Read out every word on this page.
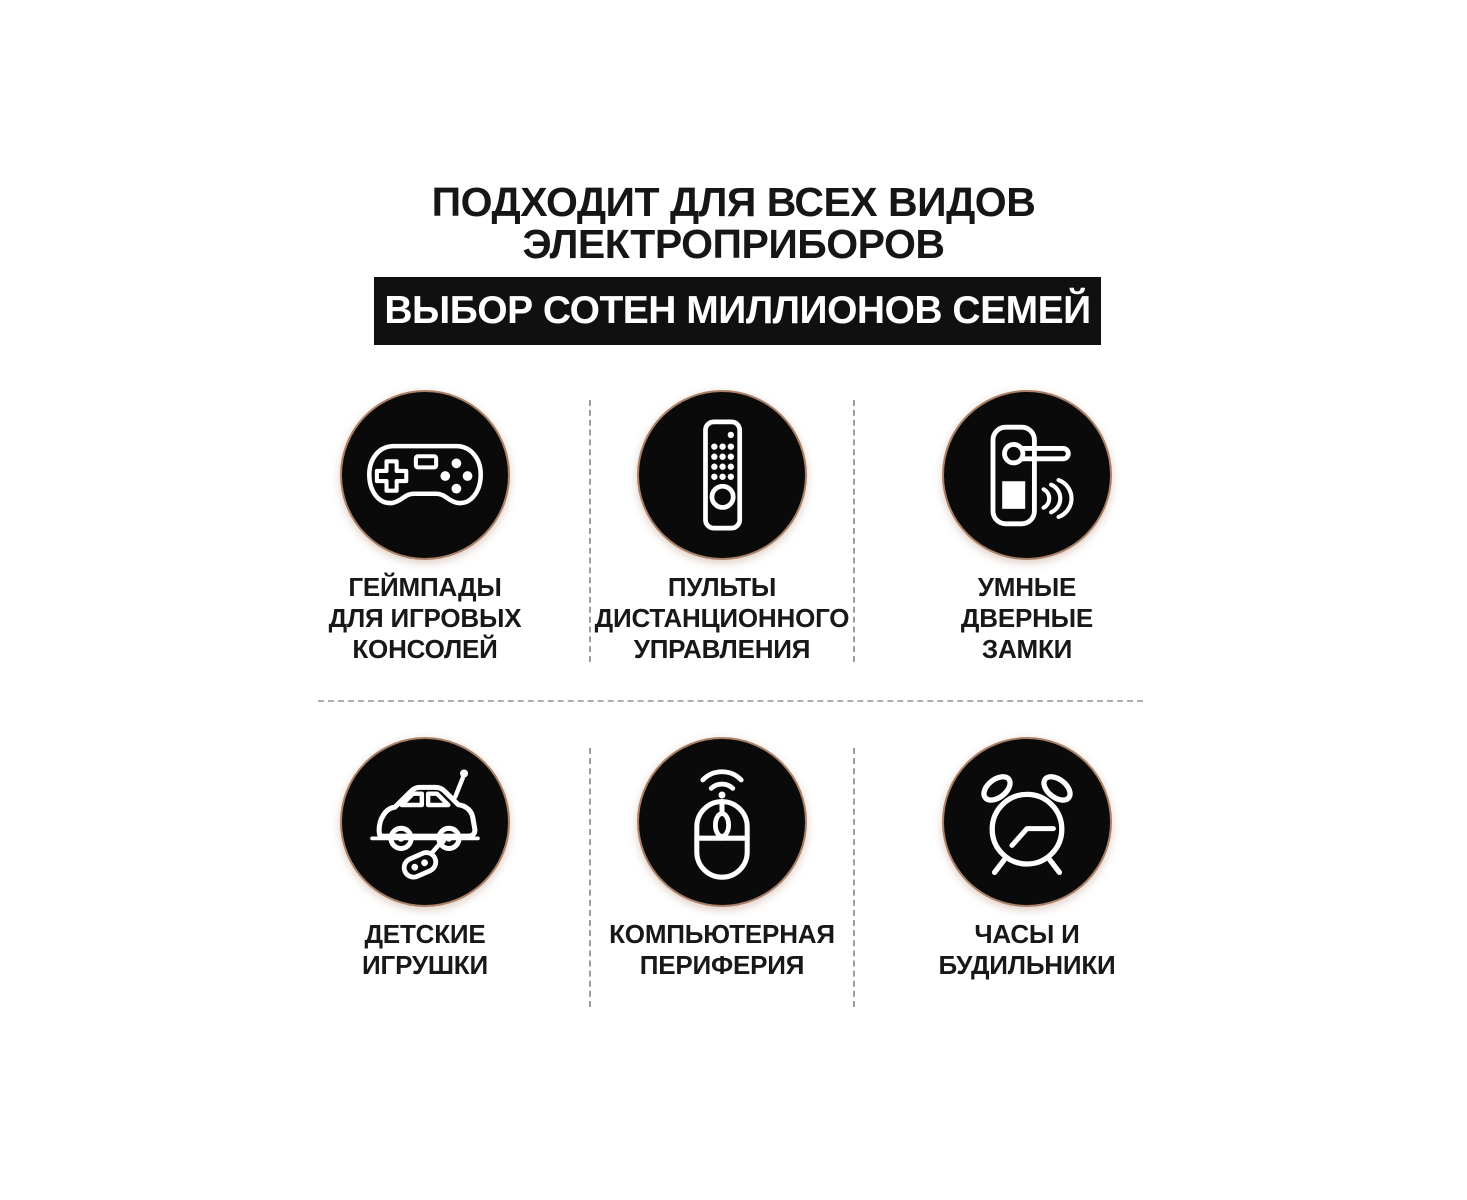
ПОДХОДИТ ДЛЯ ВСЕХ ВИДОВ
ЭЛЕКТРОПРИБОРОВ
ВЫБОР СОТЕН МИЛЛИОНОВ СЕМЕЙ
ГЕЙМПАДЫ
ДЛЯ ИГРОВЫХ
КОНСОЛЕЙ
ПУЛЬТЫ
ДИСТАНЦИОННОГО
УПРАВЛЕНИЯ
УМНЫЕ
ДВЕРНЫЕ
ЗАМКИ
ДЕТСКИЕ
ИГРУШКИ
КОМПЬЮТЕРНАЯ
ПЕРИФЕРИЯ
ЧАСЫ И
БУДИЛЬНИКИ
